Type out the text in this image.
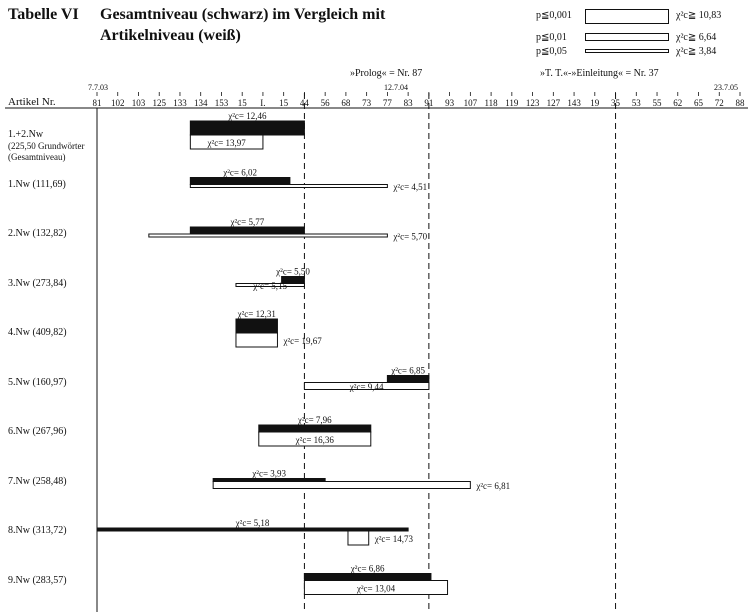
Tabelle VI Gesamtniveau (schwarz) im Vergleich mit
Artikelniveau (weiß)
p≦0,001	χ²c≧ 10,83
p≦0,01	χ²c≧ 6,64
p≦0,05	χ²c≧ 3,84
»Prolog« = Nr. 87	»T. T.«-»Einleitung« = Nr. 37
7.7.03	12.7.04	23.7.05
Artikel Nr.
1.+2.Nw
(225,50 Grundwörter
(Gesamtniveau)
1.Nw (111,69)
2.Nw (132,82)
3.Nw (273,84)
4.Nw (409,82)
5.Nw (160,97)
6.Nw (267,96)
7.Nw (258,48)
8.Nw (313,72)
9.Nw (283,57)
81 102 103 125 133 134 153 15 I. 15 44 56 68 73 77 83 91 93 107 118 119 123 127 143 19 35 53 55 62 65 72 88
χ²c= 12,46
χ²c= 13,97
χ²c= 6,02
χ²c= 4,51
χ²c= 5,77
χ²c= 5,70
χ²c= 5,50
χ²c= 5,15
χ²c= 12,31
χ²c= 19,67
χ²c= 6,85
χ²c= 9,44
χ²c= 7,96
χ²c= 16,36
χ²c= 3,93
χ²c= 6,81
χ²c= 5,18
χ²c= 14,73
χ²c= 6,86
χ²c= 13,04
